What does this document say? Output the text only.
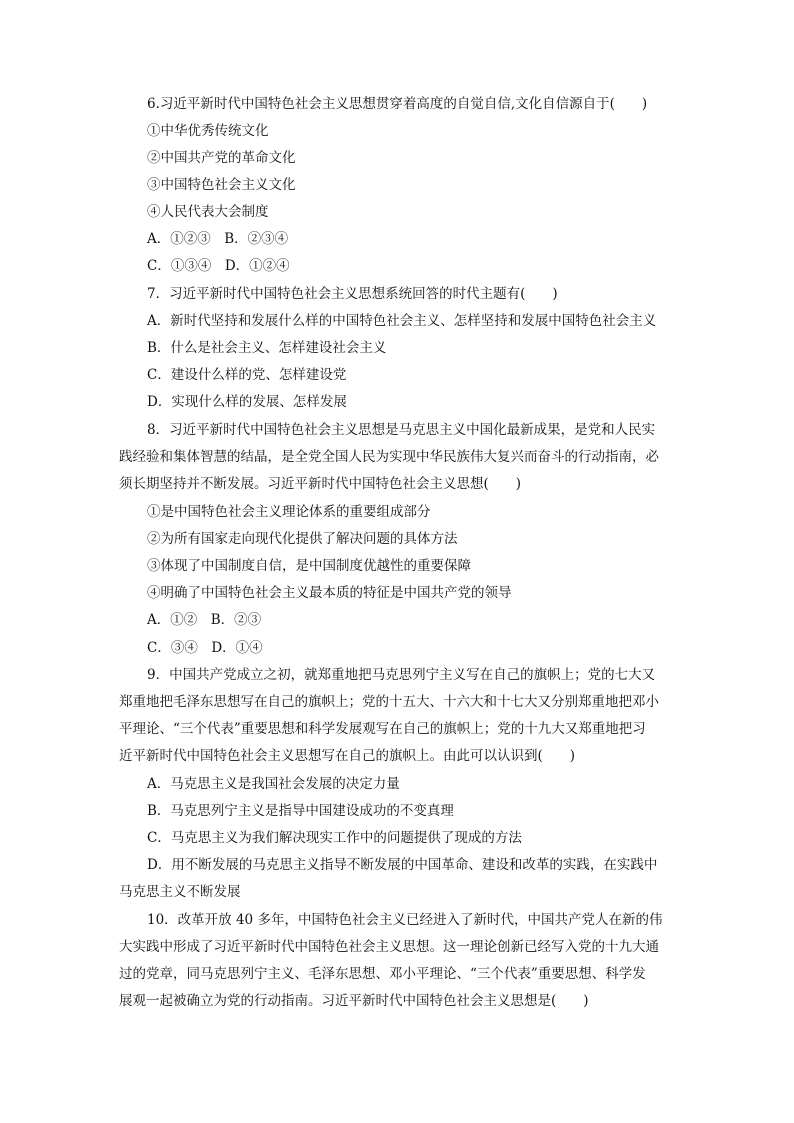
6.习近平新时代中国特色社会主义思想贯穿着高度的自觉自信,文化自信源自于(　　)
①中华优秀传统文化
②中国共产党的革命文化
③中国特色社会主义文化
④人民代表大会制度
A．①②③　B．②③④
C．①③④　D．①②④
7．习近平新时代中国特色社会主义思想系统回答的时代主题有(　　)
A．新时代坚持和发展什么样的中国特色社会主义、怎样坚持和发展中国特色社会主义
B．什么是社会主义、怎样建设社会主义
C．建设什么样的党、怎样建设党
D．实现什么样的发展、怎样发展
8．习近平新时代中国特色社会主义思想是马克思主义中国化最新成果，是党和人民实
践经验和集体智慧的结晶，是全党全国人民为实现中华民族伟大复兴而奋斗的行动指南，必
须长期坚持并不断发展。习近平新时代中国特色社会主义思想(　　)
①是中国特色社会主义理论体系的重要组成部分
②为所有国家走向现代化提供了解决问题的具体方法
③体现了中国制度自信，是中国制度优越性的重要保障
④明确了中国特色社会主义最本质的特征是中国共产党的领导
A．①②　B．②③
C．③④　D．①④
9．中国共产党成立之初，就郑重地把马克思列宁主义写在自己的旗帜上；党的七大又
郑重地把毛泽东思想写在自己的旗帜上；党的十五大、十六大和十七大又分别郑重地把邓小
平理论、“三个代表”重要思想和科学发展观写在自己的旗帜上；党的十九大又郑重地把习
近平新时代中国特色社会主义思想写在自己的旗帜上。由此可以认识到(　　)
A．马克思主义是我国社会发展的决定力量
B．马克思列宁主义是指导中国建设成功的不变真理
C．马克思主义为我们解决现实工作中的问题提供了现成的方法
D．用不断发展的马克思主义指导不断发展的中国革命、建设和改革的实践，在实践中
马克思主义不断发展
10．改革开放 40 多年，中国特色社会主义已经进入了新时代，中国共产党人在新的伟
大实践中形成了习近平新时代中国特色社会主义思想。这一理论创新已经写入党的十九大通
过的党章，同马克思列宁主义、毛泽东思想、邓小平理论、“三个代表”重要思想、科学发
展观一起被确立为党的行动指南。习近平新时代中国特色社会主义思想是(　　)
